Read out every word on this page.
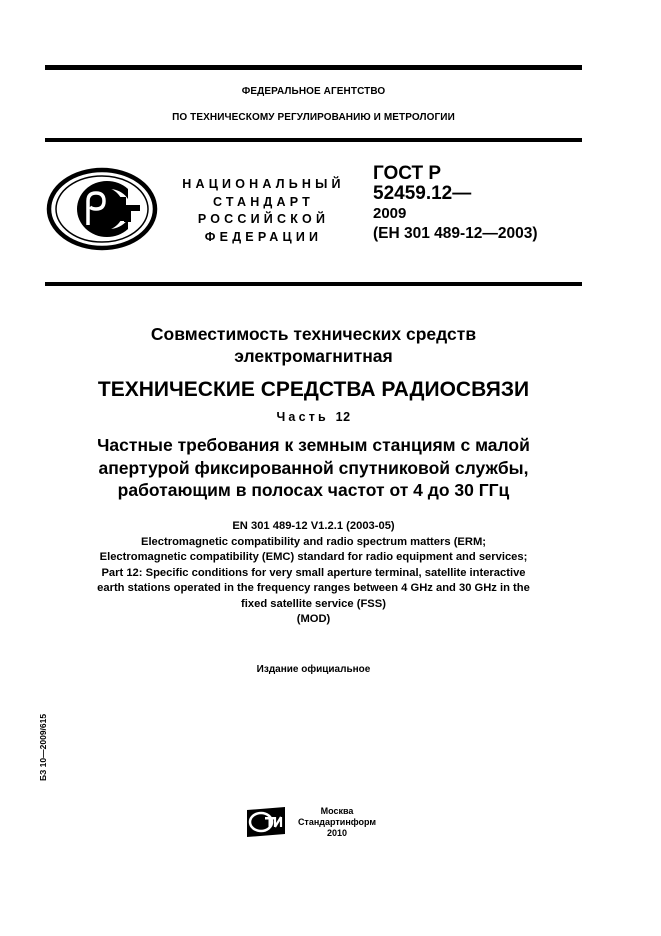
ФЕДЕРАЛЬНОЕ АГЕНТСТВО
ПО ТЕХНИЧЕСКОМУ РЕГУЛИРОВАНИЮ И МЕТРОЛОГИИ
НАЦИОНАЛЬНЫЙ
СТАНДАРТ
РОССИЙСКОЙ
ФЕДЕРАЦИИ
ГОСТ Р
52459.12—
2009
(ЕН 301 489-12—2003)
Совместимость технических средств
электромагнитная
ТЕХНИЧЕСКИЕ СРЕДСТВА РАДИОСВЯЗИ
Часть 12
Частные требования к земным станциям с малой
апертурой фиксированной спутниковой службы,
работающим в полосах частот от 4 до 30 ГГц
EN 301 489-12 V1.2.1 (2003-05)
Electromagnetic compatibility and radio spectrum matters (ERM;
Electromagnetic compatibility (EMC) standard for radio equipment and services;
Part 12: Specific conditions for very small aperture terminal, satellite interactive
earth stations operated in the frequency ranges between 4 GHz and 30 GHz in the
fixed satellite service (FSS)
(MOD)
Издание официальное
БЗ 10—2009/615
Москва
Стандартинформ
2010
